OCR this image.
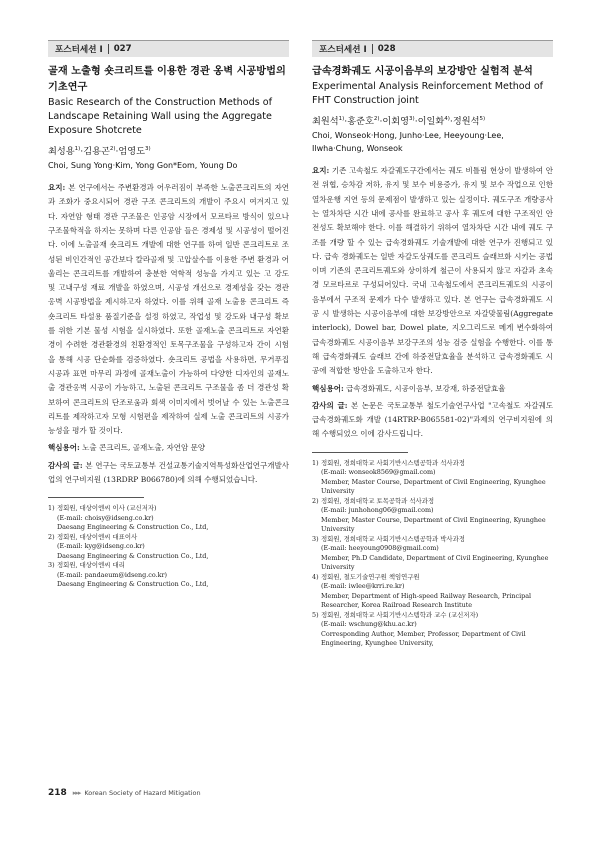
포스터세션 I 027
골재 노출형 숏크리트를 이용한 경관 옹벽 시공방법의 기초연구
Basic Research of the Construction Methods of Landscape Retaining Wall using the Aggregate Exposure Shotcrete
최성용$^{1)}$·김용곤$^{2)}$·엄영도$^{3)}$
Choi, Sung Yong·Kim, Yong Gon*Eom, Young Do
요지: 본 연구에서는 주변환경과 어우러짐이 부족한 노출콘크리트의 자연과 조화가 중요시되어 경관 구조 콘크리트의 개발이 주요시 여겨지고 있다. 자연암 형태 경관 구조물은 인공암 시장에서 모르타르 방식이 있으나 구조물학적을 하지는 못하며 다른 인공암 들은 경제성 및 시공성이 떨어진다. 이에 노출골재 숏크리트 개발에 대한 연구를 하여 일반 콘크리트로 조성된 비인간적인 공간보다 칼라골재 및 고압살수를 이용한 주변 환경과 어울리는 콘크리트를 개발하여 충분한 역학적 성능을 가지고 있는 고 강도 및 고내구성 재료 개발을 하였으며, 시공성 개선으로 경제성을 갖는 경관옹벽 시공방법을 제시하고자 하였다. 이를 위해 골재 노출용 콘크리트 즉 숏크리트 타설용 품질기준을 설정 하였고, 작업성 및 강도와 내구성 확보를 위한 기본 물성 시험을 실시하였다. 또한 골재노출 콘크리트로 자연환경이 수려한 경관환경의 친환경적인 토목구조물을 구성하고자 간이 시험을 통해 시공 단순화를 검증하였다. 숏크리트 공법을 사용하면, 무거푸집 시공과 표면 마무리 과정에 골재노출이 가능하여 다양한 디자인의 골재노출 경관옹벽 시공이 가능하고, 노출된 콘크리트 구조물을 좀 더 경관성 확보하여 콘크리트의 단조로움과 회색 이미지에서 벗어날 수 있는 노출콘크리트를 제작하고자 모형 시험편을 제작하여 실제 노출 콘크리트의 시공가능성을 평가 할 것이다.
핵심용어: 노출 콘크리트, 골재노출, 자연암 문양
감사의 글: 본 연구는 국토교통부 건설교통기술지역특성화산업연구개발사업의 연구비지원 (13RDRP B066780)에 의해 수행되었습니다.
1) 정회원, 대상이엔씨 이사 (교신저자)
(E-mail: choisy@idseng.co.kr)
Daesang Engineering & Construction Co., Ltd,
2) 정회원, 대상이엔씨 대표이사
(E-mail: kyg@idseng.co.kr)
Daesang Engineering & Construction Co., Ltd,
3) 정회원, 대상이엔씨 대리
(E-mail: pandaeum@idseng.co.kr)
Daesang Engineering & Construction Co., Ltd,
포스터세션 I 028
급속경화궤도 시공이음부의 보강방안 실험적 분석
Experimental Analysis Reinforcement Method of FHT Construction joint
최원석$^{1)}$·홍준호$^{2)}$·이회영$^{3)}$·이일화$^{4)}$·정원석$^{5)}$
Choi, Wonseok·Hong, Junho·Lee, Heeyoung·Lee, Ilwha·Chung, Wonseok
요지: 기존 고속철도 자갈궤도구간에서는 궤도 비틀림 현상이 발생하여 안전 위협, 승차감 저하, 유지 및 보수 비용증가, 유지 및 보수 작업으로 인한 열차운행 지연 등의 문제점이 발생하고 있는 실정이다. 궤도구조 개량공사는 열차차단 시간 내에 공사를 완료하고 공사 후 궤도에 대한 구조적인 안전성도 확보해야 한다. 이를 해결하기 위하여 열차차단 시간 내에 궤도 구조를 개량 할 수 있는 급속경화궤도 기술개발에 대한 연구가 진행되고 있다. 급속 경화궤도는 일반 자갈도상궤도를 콘크리트 슬래브화 시키는 공법이며 기존의 콘크리트궤도와 상이하게 철근이 사용되지 않고 자갈과 초속경 모르타르로 구성되어있다. 국내 고속철도에서 콘크리트궤도의 시공이음부에서 구조적 문제가 다수 발생하고 있다. 본 연구는 급속경화궤도 시공 시 발생하는 시공이음부에 대한 보강방안으로 자갈맞물림(Aggregate interlock), Dowel bar, Dowel plate, 지오그리드로 메게 변수화하여 급속경화궤도 시공이음부 보강구조의 성능 검증 실험을 수행한다. 이를 통해 급속경화궤도 슬래브 간에 하중전달효율을 분석하고 급속경화궤도 시공에 적합한 방안을 도출하고자 한다.
핵심용어: 급속경화궤도, 시공이음부, 보강재, 하중전달효율
감사의 글: 본 논문은 국토교통부 철도기술연구사업 "고속철도 자갈궤도 급속경화궤도화 개발 (14RTRP-B065581-02)"과제의 연구비지원에 의해 수행되었으 이에 감사드립니다.
1) 정회원, 경희대학교 사회기반시스템공학과 석사과정
(E-mail: wonseok8569@gmail.com)
Member, Master Course, Department of Civil Engineering, Kyunghee University
2) 정회원, 경희대학교 토목공학과 석사과정
(E-mail: junhohong06@gmail.com)
Member, Master Course, Department of Civil Engineering, Kyunghee University
3) 정회원, 경희대학교 사회기반시스템공학과 박사과정
(E-mail: heeyoung0908@gmail.com)
Member, Ph.D Candidate, Department of Civil Engineering, Kyunghee University
4) 정회원, 철도기술연구원 책임연구원
(E-mail: iwlee@krri.re.kr)
Member, Department of High-speed Railway Research, Principal Researcher, Korea Railroad Research Institute
5) 정회원, 경희대학교 사회기반시스템학과 교수 (교신저자)
(E-mail: wschung@khu.ac.kr)
Corresponding Author, Member, Professor, Department of Civil Engineering, Kyunghee University,
218 ▸▸▸ Korean Society of Hazard Mitigation
